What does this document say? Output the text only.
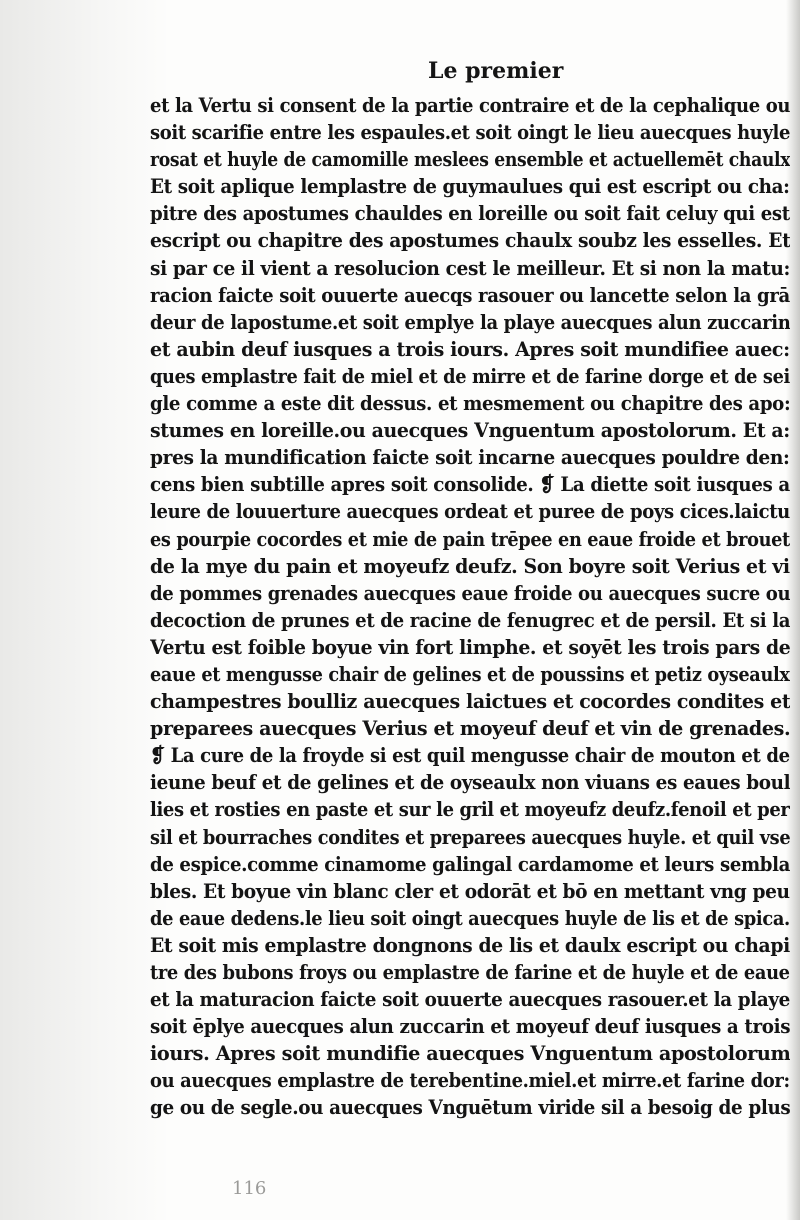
Le premier
et la Vertu si consent de la partie contraire et de la cephalique ou
soit scarifie entre les espaules.et soit oingt le lieu auecques huyle
rosat et huyle de camomille meslees ensemble et actuellemēt chaulx
Et soit aplique lemplastre de guymaulues qui est escript ou cha:
pitre des apostumes chauldes en loreille ou soit fait celuy qui est
escript ou chapitre des apostumes chaulx soubz les esselles. Et
si par ce il vient a resolucion cest le meilleur. Et si non la matu:
racion faicte soit ouuerte auecqs rasouer ou lancette selon la grā
deur de lapostume.et soit emplye la playe auecques alun zuccarin
et aubin deuf iusques a trois iours. Apres soit mundifiee auec:
ques emplastre fait de miel et de mirre et de farine dorge et de sei
gle comme a este dit dessus. et mesmement ou chapitre des apo:
stumes en loreille.ou auecques Vnguentum apostolorum. Et a:
pres la mundification faicte soit incarne auecques pouldre den:
cens bien subtille apres soit consolide. ❡ La diette soit iusques a
leure de louuerture auecques ordeat et puree de poys cices.laictu
es pourpie cocordes et mie de pain trēpee en eaue froide et brouet
de la mye du pain et moyeufz deufz. Son boyre soit Verius et vi
de pommes grenades auecques eaue froide ou auecques sucre ou
decoction de prunes et de racine de fenugrec et de persil. Et si la
Vertu est foible boyue vin fort limphe. et soyēt les trois pars de
eaue et mengusse chair de gelines et de poussins et petiz oyseaulx
champestres boulliz auecques laictues et cocordes condites et
preparees auecques Verius et moyeuf deuf et vin de grenades.
❡ La cure de la froyde si est quil mengusse chair de mouton et de
ieune beuf et de gelines et de oyseaulx non viuans es eaues boul
lies et rosties en paste et sur le gril et moyeufz deufz.fenoil et per
sil et bourraches condites et preparees auecques huyle. et quil vse
de espice.comme cinamome galingal cardamome et leurs sembla
bles. Et boyue vin blanc cler et odorāt et bō en mettant vng peu
de eaue dedens.le lieu soit oingt auecques huyle de lis et de spica.
Et soit mis emplastre dongnons de lis et daulx escript ou chapi
tre des bubons froys ou emplastre de farine et de huyle et de eaue
et la maturacion faicte soit ouuerte auecques rasouer.et la playe
soit ēplye auecques alun zuccarin et moyeuf deuf iusques a trois
iours. Apres soit mundifie auecques Vnguentum apostolorum
ou auecques emplastre de terebentine.miel.et mirre.et farine dor:
ge ou de segle.ou auecques Vnguētum viride sil a besoig de plus
116
